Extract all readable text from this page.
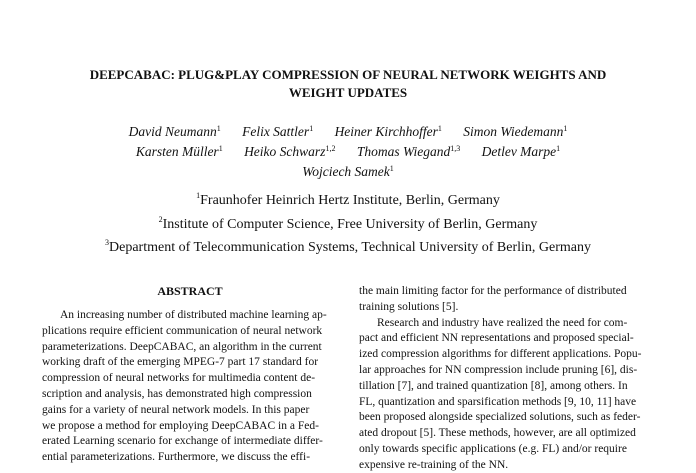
DEEPCABAC: PLUG&PLAY COMPRESSION OF NEURAL NETWORK WEIGHTS AND
WEIGHT UPDATES
David Neumann$^1$ Felix Sattler$^1$ Heiner Kirchhoffer$^1$ Simon Wiedemann$^1$
Karsten Müller$^1$ Heiko Schwarz$^{1,2}$ Thomas Wiegand$^{1,3}$ Detlev Marpe$^1$
Wojciech Samek$^1$
$^1$Fraunhofer Heinrich Hertz Institute, Berlin, Germany
$^2$Institute of Computer Science, Free University of Berlin, Germany
$^3$Department of Telecommunication Systems, Technical University of Berlin, Germany
ABSTRACT
An increasing number of distributed machine learning ap-
plications require efficient communication of neural network
parameterizations. DeepCABAC, an algorithm in the current
working draft of the emerging MPEG-7 part 17 standard for
compression of neural networks for multimedia content de-
scription and analysis, has demonstrated high compression
gains for a variety of neural network models. In this paper
we propose a method for employing DeepCABAC in a Fed-
erated Learning scenario for exchange of intermediate differ-
ential parameterizations. Furthermore, we discuss the effi-
the main limiting factor for the performance of distributed
training solutions [5].
Research and industry have realized the need for com-
pact and efficient NN representations and proposed special-
ized compression algorithms for different applications. Popu-
lar approaches for NN compression include pruning [6], dis-
tillation [7], and trained quantization [8], among others. In
FL, quantization and sparsification methods [9, 10, 11] have
been proposed alongside specialized solutions, such as feder-
ated dropout [5]. These methods, however, are all optimized
only towards specific applications (e.g. FL) and/or require
expensive re-training of the NN.
